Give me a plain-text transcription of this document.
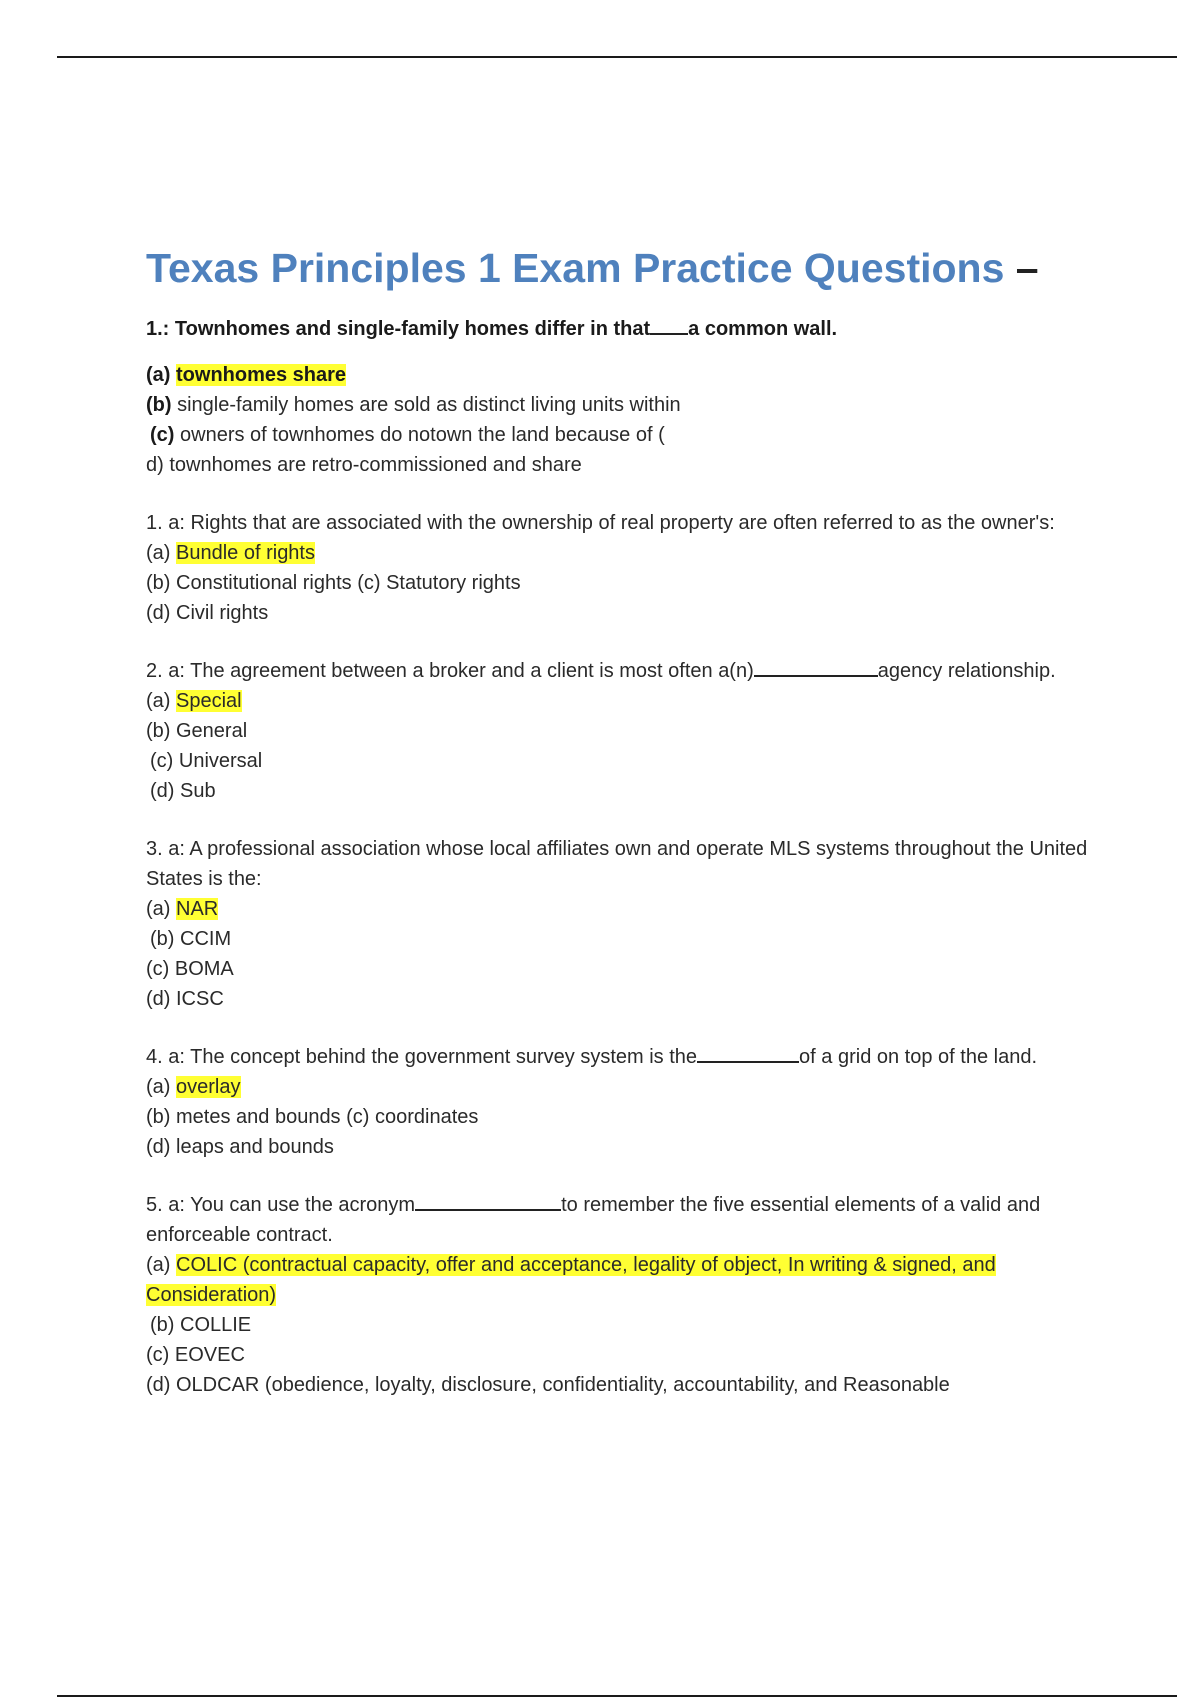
Texas Principles 1 Exam Practice Questions –
1.: Townhomes and single-family homes differ in that a common wall.
(a) townhomes share
(b) single-family homes are sold as distinct living units within
(c) owners of townhomes do notown the land because of (
d) townhomes are retro-commissioned and share
1. a: Rights that are associated with the ownership of real property are often referred to as the owner's:
(a) Bundle of rights
(b) Constitutional rights (c) Statutory rights
(d) Civil rights
2. a: The agreement between a broker and a client is most often a(n)	agency relationship.
(a) Special
(b) General
(c) Universal
(d) Sub
3. a: A professional association whose local affiliates own and operate MLS systems throughout the United States is the:
(a) NAR
(b) CCIM
(c) BOMA
(d) ICSC
4. a: The concept behind the government survey system is the	of a grid on top of the land.
(a) overlay
(b) metes and bounds (c) coordinates
(d) leaps and bounds
5. a: You can use the acronym	to remember the five essential elements of a valid and enforceable contract.
(a) COLIC (contractual capacity, offer and acceptance, legality of object, In writing & signed, and Consideration)
(b) COLLIE
(c) EOVEC
(d) OLDCAR (obedience, loyalty, disclosure, confidentiality, accountability, and Reasonable
